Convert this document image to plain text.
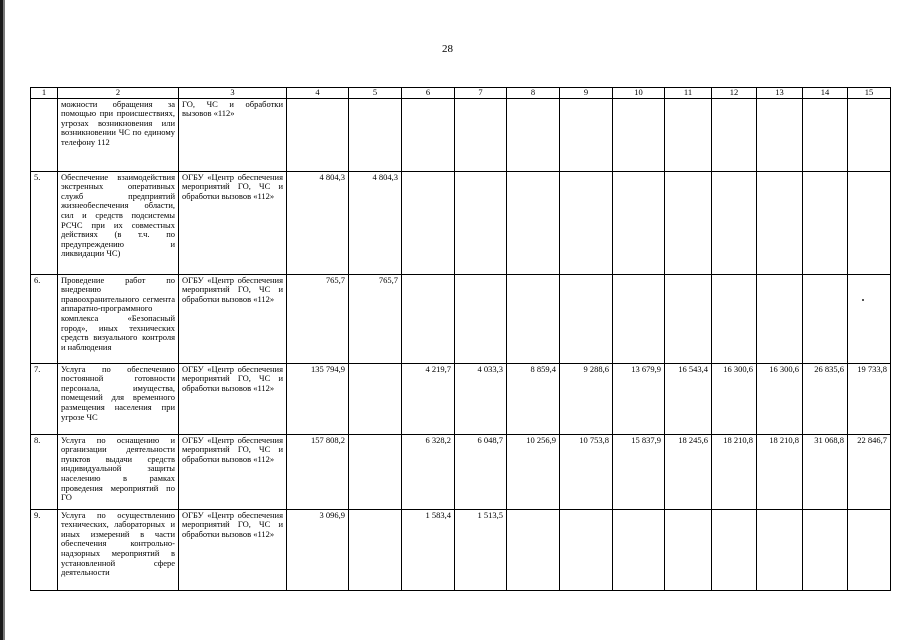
28
1	2	3	4	5	6	7	8	9	10	11	12	13	14	15
	можности обращения за помощью при происшествиях, угрозах возникновения или возникновении ЧС по единому телефону 112	ГО, ЧС и обработки вызовов «112»												
5.	Обеспечение взаимодействия экстренных оперативных служб предприятий жизнеобеспечения области, сил и средств подсистемы РСЧС при их совместных действиях (в т.ч. по предупреждению и ликвидации ЧС)	ОГБУ «Центр обеспечения мероприятий ГО, ЧС и обработки вызовов «112»	4 804,3	4 804,3										
6.	Проведение работ по внедрению правоохранительного сегмента аппаратно-программного комплекса «Безопасный город», иных технических средств визуального контроля и наблюдения	ОГБУ «Центр обеспечения мероприятий ГО, ЧС и обработки вызовов «112»	765,7	765,7										
7.	Услуга по обеспечению постоянной готовности персонала, имущества, помещений для временного размещения населения при угрозе ЧС	ОГБУ «Центр обеспечения мероприятий ГО, ЧС и обработки вызовов «112»	135 794,9		4 219,7	4 033,3	8 859,4	9 288,6	13 679,9	16 543,4	16 300,6	16 300,6	26 835,6	19 733,8
8.	Услуга по оснащению и организации деятельности пунктов выдачи средств индивидуальной защиты населению в рамках проведения мероприятий по ГО	ОГБУ «Центр обеспечения мероприятий ГО, ЧС и обработки вызовов «112»	157 808,2		6 328,2	6 048,7	10 256,9	10 753,8	15 837,9	18 245,6	18 210,8	18 210,8	31 068,8	22 846,7
9.	Услуга по осуществлению технических, лабораторных и иных измерений в части обеспечения контрольно-надзорных мероприятий в установленной сфере деятельности	ОГБУ «Центр обеспечения мероприятий ГО, ЧС и обработки вызовов «112»	3 096,9		1 583,4	1 513,5								
